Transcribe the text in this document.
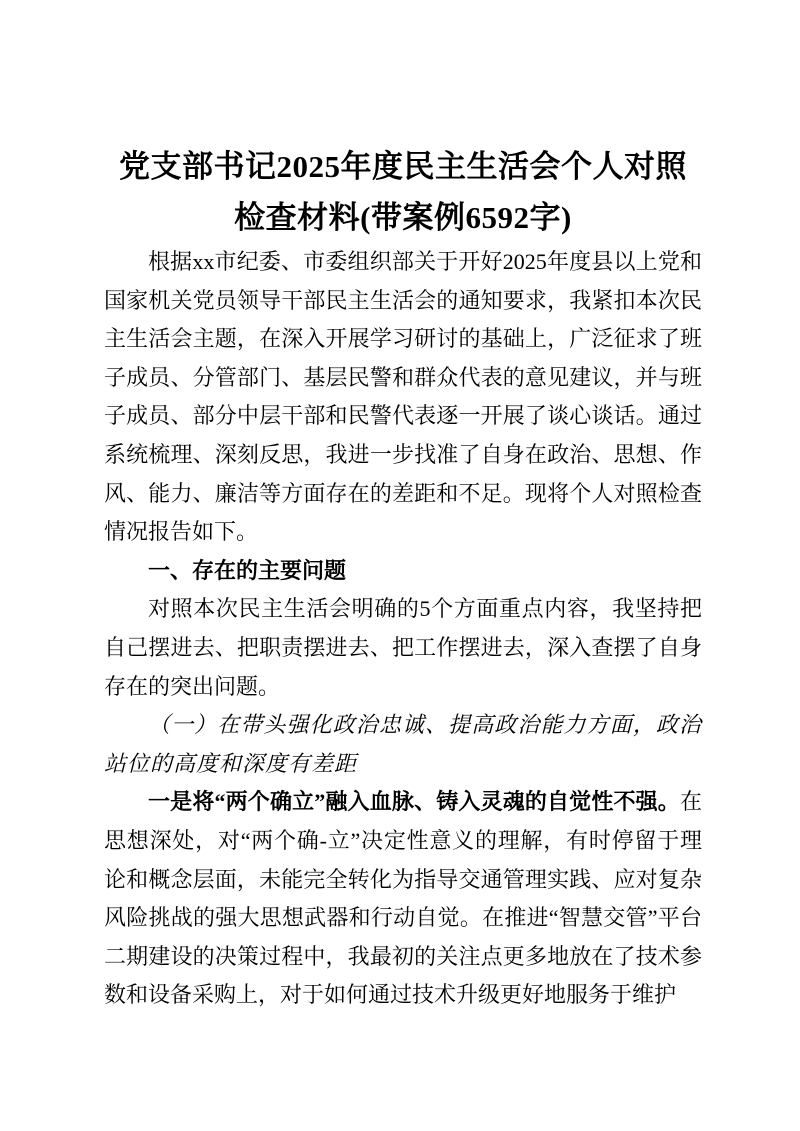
党支部书记2025年度民主生活会个人对照检查材料(带案例6592字)

根据xx市纪委、市委组织部关于开好2025年度县以上党和国家机关党员领导干部民主生活会的通知要求，我紧扣本次民主生活会主题，在深入开展学习研讨的基础上，广泛征求了班子成员、分管部门、基层民警和群众代表的意见建议，并与班子成员、部分中层干部和民警代表逐一开展了谈心谈话。通过系统梳理、深刻反思，我进一步找准了自身在政治、思想、作风、能力、廉洁等方面存在的差距和不足。现将个人对照检查情况报告如下。

一、存在的主要问题

对照本次民主生活会明确的5个方面重点内容，我坚持把自己摆进去、把职责摆进去、把工作摆进去，深入查摆了自身存在的突出问题。

（一）在带头强化政治忠诚、提高政治能力方面，政治站位的高度和深度有差距

一是将“两个确立”融入血脉、铸入灵魂的自觉性不强。在思想深处，对“两个确-立”决定性意义的理解，有时停留于理论和概念层面，未能完全转化为指导交通管理实践、应对复杂风险挑战的强大思想武器和行动自觉。在推进“智慧交管”平台二期建设的决策过程中，我最初的关注点更多地放在了技术参数和设备采购上，对于如何通过技术升级更好地服务于维护
